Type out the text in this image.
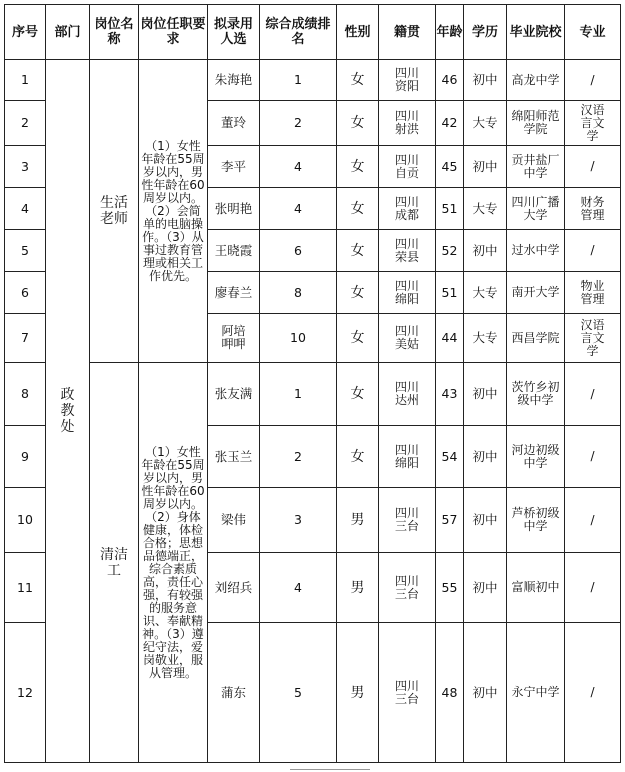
序号	部门	岗位名称	岗位任职要求	拟录用人选	综合成绩排名	性别	籍贯	年龄	学历	毕业院校	专业
1	政教处	生活老师	（1）女性年龄在55周岁以内，男性年龄在60周岁以内。（2）会简单的电脑操作。（3）从事过教育管理或相关工作优先。	朱海艳	1	女	四川资阳	46	初中	高龙中学	/
2				董玲	2	女	四川射洪	42	大专	绵阳师范学院	汉语言文学
3				李平	4	女	四川自贡	45	初中	贡井盐厂中学	/
4				张明艳	4	女	四川成都	51	大专	四川广播大学	财务管理
5				王晓霞	6	女	四川荣县	52	初中	过水中学	/
6				廖春兰	8	女	四川绵阳	51	大专	南开大学	物业管理
7				阿培呷呷	10	女	四川美姑	44	大专	西昌学院	汉语言文学
8		清洁工	（1）女性年龄在55周岁以内，男性年龄在60周岁以内。（2）身体健康，体检合格；思想品德端正，综合素质高，责任心强，有较强的服务意识、奉献精神。（3）遵纪守法，爱岗敬业，服从管理。	张友满	1	女	四川达州	43	初中	茨竹乡初级中学	/
9				张玉兰	2	女	四川绵阳	54	初中	河边初级中学	/
10				梁伟	3	男	四川三台	57	初中	芦桥初级中学	/
11				刘绍兵	4	男	四川三台	55	初中	富顺初中	/
12				蒲东	5	男	四川三台	48	初中	永宁中学	/
